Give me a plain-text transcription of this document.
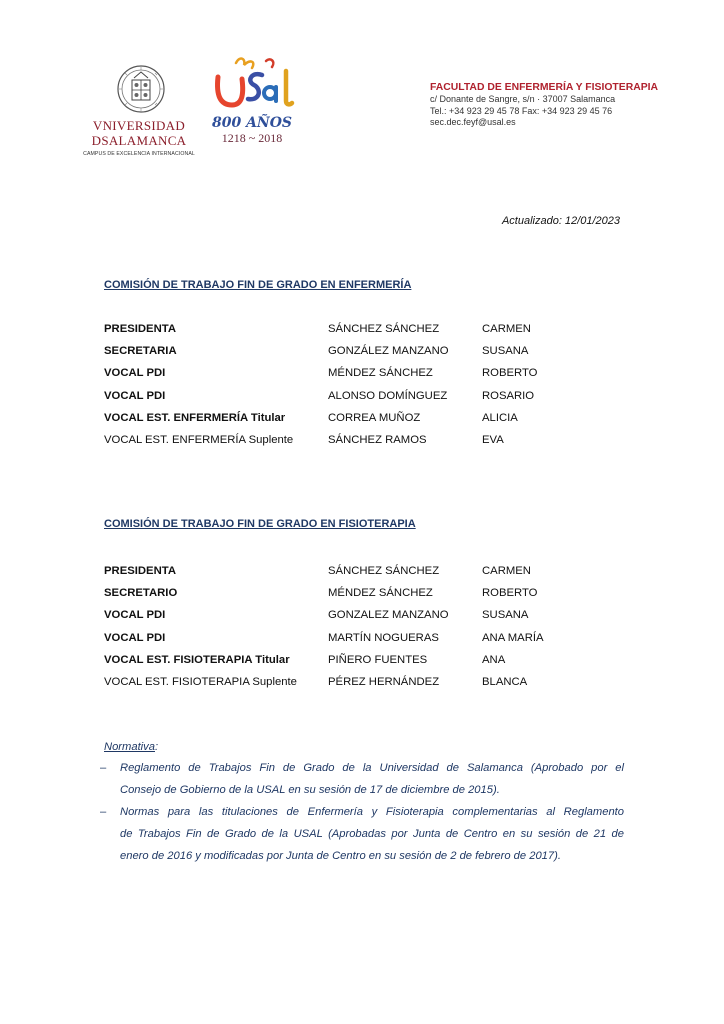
VNIVERSIDAD
DSALAMANCA
CAMPUS DE EXCELENCIA INTERNACIONAL
800 AÑOS
1218 ~ 2018
FACULTAD DE ENFERMERÍA Y FISIOTERAPIA
c/ Donante de Sangre, s/n · 37007 Salamanca
Tel.: +34 923 29 45 78 Fax: +34 923 29 45 76
sec.dec.feyf@usal.es
Actualizado: 12/01/2023
COMISIÓN DE TRABAJO FIN DE GRADO EN ENFERMERÍA
PRESIDENTA	SÁNCHEZ SÁNCHEZ	CARMEN
SECRETARIA	GONZÁLEZ MANZANO	SUSANA
VOCAL PDI	MÉNDEZ SÁNCHEZ	ROBERTO
VOCAL PDI	ALONSO DOMÍNGUEZ	ROSARIO
VOCAL EST. ENFERMERÍA Titular	CORREA MUÑOZ	ALICIA
VOCAL EST. ENFERMERÍA Suplente	SÁNCHEZ RAMOS	EVA
COMISIÓN DE TRABAJO FIN DE GRADO EN FISIOTERAPIA
PRESIDENTA	SÁNCHEZ SÁNCHEZ	CARMEN
SECRETARIO	MÉNDEZ SÁNCHEZ	ROBERTO
VOCAL PDI	GONZALEZ MANZANO	SUSANA
VOCAL PDI	MARTÍN NOGUERAS	ANA MARÍA
VOCAL EST. FISIOTERAPIA Titular	PIÑERO FUENTES	ANA
VOCAL EST. FISIOTERAPIA Suplente	PÉREZ HERNÁNDEZ	BLANCA
Normativa:
– Reglamento de Trabajos Fin de Grado de la Universidad de Salamanca (Aprobado por el
Consejo de Gobierno de la USAL en su sesión de 17 de diciembre de 2015).
– Normas para las titulaciones de Enfermería y Fisioterapia complementarias al Reglamento
de Trabajos Fin de Grado de la USAL (Aprobadas por Junta de Centro en su sesión de 21 de
enero de 2016 y modificadas por Junta de Centro en su sesión de 2 de febrero de 2017).
